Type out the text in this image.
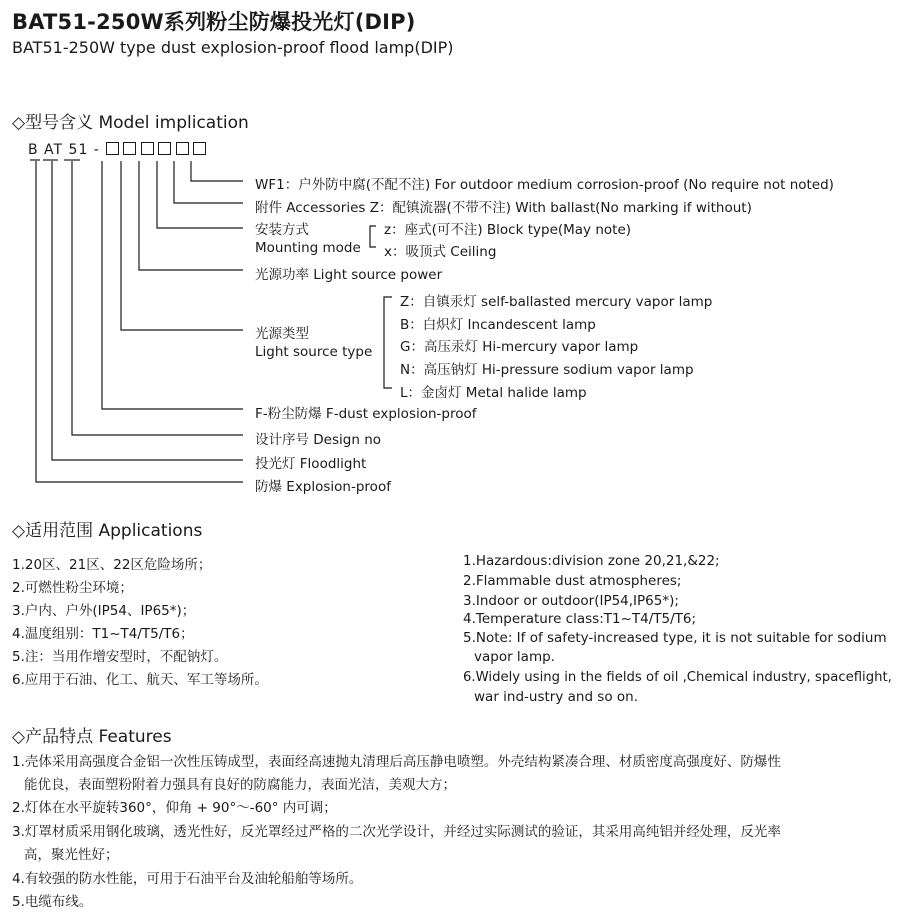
BAT51-250W系列粉尘防爆投光灯(DIP)
BAT51-250W type dust explosion-proof flood lamp(DIP)
◇型号含义 Model implication
B AT 51 -
WF1：户外防中腐(不配不注) For outdoor medium corrosion-proof (No require not noted)
附件 Accessories Z：配镇流器(不带不注) With ballast(No marking if without)
安装方式
Mounting mode
z：座式(可不注) Block type(May note)
x：吸顶式 Ceiling
光源功率 Light source power
光源类型
Light source type
Z：自镇汞灯 self-ballasted mercury vapor lamp
B：白炽灯 Incandescent lamp
G：高压汞灯 Hi-mercury vapor lamp
N：高压钠灯 Hi-pressure sodium vapor lamp
L：金卤灯 Metal halide lamp
F-粉尘防爆 F-dust explosion-proof
设计序号 Design no
投光灯 Floodlight
防爆 Explosion-proof
◇适用范围 Applications
1.20区、21区、22区危险场所；
2.可燃性粉尘环境；
3.户内、户外(IP54、IP65*)；
4.温度组别：T1~T4/T5/T6；
5.注：当用作增安型时，不配钠灯。
6.应用于石油、化工、航天、军工等场所。
1.Hazardous:division zone 20,21,&22;
2.Flammable dust atmospheres;
3.Indoor or outdoor(IP54,IP65*);
4.Temperature class:T1~T4/T5/T6;
5.Note: If of safety-increased type, it is not suitable for sodium
vapor lamp.
6.Widely using in the fields of oil ,Chemical industry, spaceflight,
war ind-ustry and so on.
◇产品特点 Features
1.壳体采用高强度合金铝一次性压铸成型，表面经高速抛丸清理后高压静电喷塑。外壳结构紧凑合理、材质密度高强度好、防爆性
能优良，表面塑粉附着力强具有良好的防腐能力，表面光洁，美观大方；
2.灯体在水平旋转360°，仰角 + 90°～-60° 内可调；
3.灯罩材质采用钢化玻璃，透光性好，反光罩经过严格的二次光学设计，并经过实际测试的验证，其采用高纯铝并经处理，反光率
高，聚光性好；
4.有较强的防水性能，可用于石油平台及油轮船舶等场所。
5.电缆布线。
